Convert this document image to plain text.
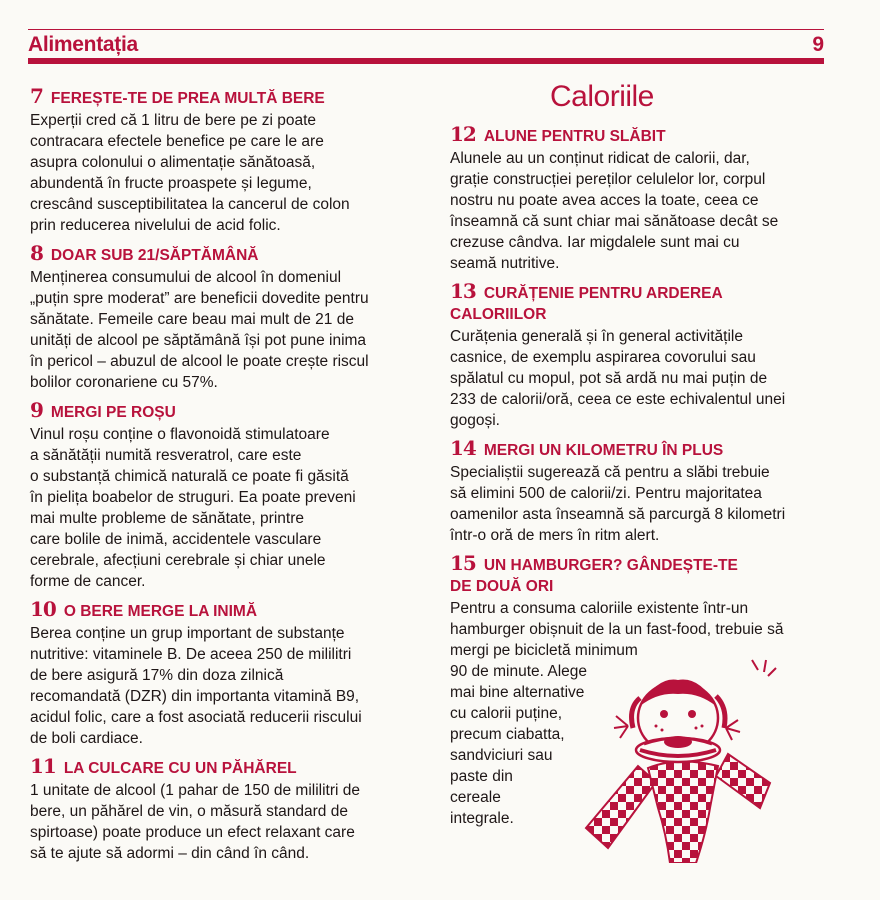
Alimentația	9
7 FEREȘTE-TE DE PREA MULTĂ BERE

Experții cred că 1 litru de bere pe zi poate

contracara efectele benefice pe care le are

asupra colonului o alimentație sănătoasă,

abundentă în fructe proaspete și legume,

crescând susceptibilitatea la cancerul de colon

prin reducerea nivelului de acid folic.

8 DOAR SUB 21/SĂPTĂMÂNĂ

Menținerea consumului de alcool în domeniul

„puțin spre moderat” are beneficii dovedite pentru

sănătate. Femeile care beau mai mult de 21 de

unități de alcool pe săptămână își pot pune inima

în pericol – abuzul de alcool le poate crește riscul

bolilor coronariene cu 57%.

9 MERGI PE ROȘU

Vinul roșu conține o flavonoidă stimulatoare

a sănătății numită resveratrol, care este

o substanță chimică naturală ce poate fi găsită

în pielița boabelor de struguri. Ea poate preveni

mai multe probleme de sănătate, printre

care bolile de inimă, accidentele vasculare

cerebrale, afecțiuni cerebrale și chiar unele

forme de cancer.

10 O BERE MERGE LA INIMĂ

Berea conține un grup important de substanțe

nutritive: vitaminele B. De aceea 250 de mililitri

de bere asigură 17% din doza zilnică

recomandată (DZR) din importanta vitamină B9,

acidul folic, care a fost asociată reducerii riscului

de boli cardiace.

11 LA CULCARE CU UN PĂHĂREL

1 unitate de alcool (1 pahar de 150 de mililitri de

bere, un păhărel de vin, o măsură standard de

spirtoase) poate produce un efect relaxant care

să te ajute să adormi – din când în când.

Caloriile
12 ALUNE PENTRU SLĂBIT

Alunele au un conținut ridicat de calorii, dar,

grație construcției pereților celulelor lor, corpul

nostru nu poate avea acces la toate, ceea ce

înseamnă că sunt chiar mai sănătoase decât se

crezuse cândva. Iar migdalele sunt mai cu

seamă nutritive.

13 CURĂȚENIE PENTRU ARDEREA
CALORIILOR

Curățenia generală și în general activitățile

casnice, de exemplu aspirarea covorului sau

spălatul cu mopul, pot să ardă nu mai puțin de

233 de calorii/oră, ceea ce este echivalentul unei

gogoși.

14 MERGI UN KILOMETRU ÎN PLUS

Specialiștii sugerează că pentru a slăbi trebuie

să elimini 500 de calorii/zi. Pentru majoritatea

oamenilor asta înseamnă să parcurgă 8 kilometri

într-o oră de mers în ritm alert.

15 UN HAMBURGER? GÂNDEȘTE-TE
DE DOUĂ ORI

Pentru a consuma caloriile existente într-un

hamburger obișnuit de la un fast-food, trebuie să

mergi pe bicicletă minimum

90 de minute. Alege

mai bine alternative

cu calorii puține,

precum ciabatta,

sandviciuri sau

paste din

cereale

integrale.
